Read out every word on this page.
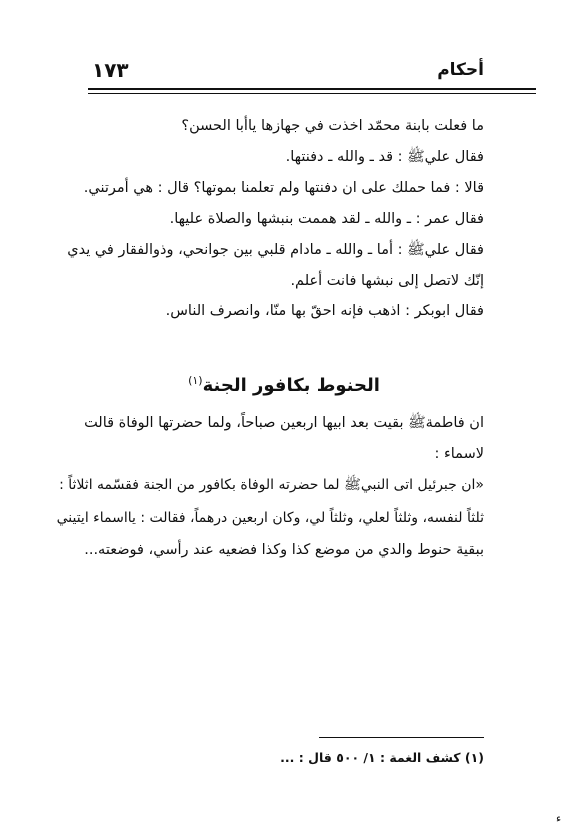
أحكام
١٧٣
ما فعلت بابنة محمّد اخذت في جهازها ياأبا الحسن؟
فقال عليﷺ : قد ـ والله ـ دفنتها.
قالا : فما حملك على ان دفنتها ولم تعلمنا بموتها؟ قال : هي أمرتني.
فقال عمر : ـ والله ـ لقد هممت بنبشها والصلاة عليها.
فقال عليﷺ : أما ـ والله ـ مادام قلبي بين جوانحي، وذوالفقار في يدي
إنّك لاتصل إلى نبشها فانت أعلم.
فقال ابوبكر : اذهب فإنه احقّ بها منّا، وانصرف الناس.
الحنوط بكافور الجنة$^{(١)}$
ان فاطمةﷺ بقيت بعد ابيها اربعين صباحاً، ولما حضرتها الوفاة قالت
لاسماء :
«ان جبرئيل اتى النبيﷺ لما حضرته الوفاة بكافور من الجنة فقسّمه اثلاثاً :
ثلثاً لنفسه، وثلثاً لعلي، وثلثاً لي، وكان اربعين درهماً، فقالت : يااسماء ايتيني
ببقية حنوط والدي من موضع كذا وكذا فضعيه عند رأسي، فوضعته...
(١) كشف الغمة : ١/ ٥٠٠ قال : ...
ء
